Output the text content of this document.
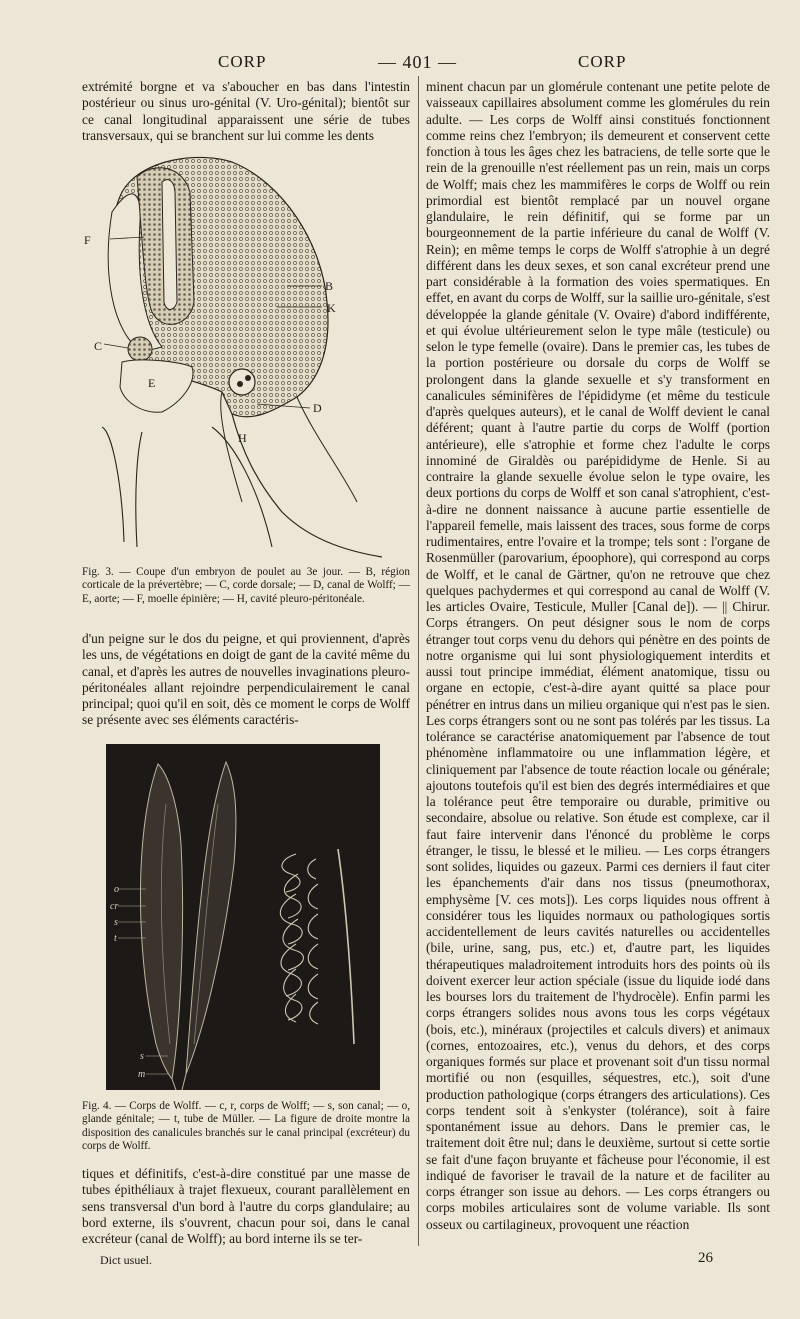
CORP	— 401 —	CORP

extrémité borgne et va s'aboucher en bas dans l'intestin postérieur ou sinus uro-génital (V. Uro-génital); bientôt sur ce canal longitudinal apparaissent une série de tubes transversaux, qui se branchent sur lui comme les dents

F
B
K
C
E
D
H
Fig. 3. — Coupe d'un embryon de poulet au 3e jour. — B, région corticale de la prévertèbre; — C, corde dorsale; — D, canal de Wolff; — E, aorte; — F, moelle épinière; — H, cavité pleuro-péritonéale.

d'un peigne sur le dos du peigne, et qui proviennent, d'après les uns, de végétations en doigt de gant de la cavité même du canal, et d'après les autres de nouvelles invaginations pleuro-péritonéales allant rejoindre perpendiculairement le canal principal; quoi qu'il en soit, dès ce moment le corps de Wolff se présente avec ses éléments caractéris-

o
cr
s
t
s
m
Fig. 4. — Corps de Wolff. — c, r, corps de Wolff; — s, son canal; — o, glande génitale; — t, tube de Müller. — La figure de droite montre la disposition des canalicules branchés sur le canal principal (excréteur) du corps de Wolff.

tiques et définitifs, c'est-à-dire constitué par une masse de tubes épithéliaux à trajet flexueux, courant parallèlement en sens transversal d'un bord à l'autre du corps glandulaire; au bord externe, ils s'ouvrent, chacun pour soi, dans le canal excréteur (canal de Wolff); au bord interne ils se ter-

minent chacun par un glomérule contenant une petite pelote de vaisseaux capillaires absolument comme les glomérules du rein adulte. — Les corps de Wolff ainsi constitués fonctionnent comme reins chez l'embryon; ils demeurent et conservent cette fonction à tous les âges chez les batraciens, de telle sorte que le rein de la grenouille n'est réellement pas un rein, mais un corps de Wolff; mais chez les mammifères le corps de Wolff ou rein primordial est bientôt remplacé par un nouvel organe glandulaire, le rein définitif, qui se forme par un bourgeonnement de la partie inférieure du canal de Wolff (V. Rein); en même temps le corps de Wolff s'atrophie à un degré différent dans les deux sexes, et son canal excréteur prend une part considérable à la formation des voies spermatiques. En effet, en avant du corps de Wolff, sur la saillie uro-génitale, s'est développée la glande génitale (V. Ovaire) d'abord indifférente, et qui évolue ultérieurement selon le type mâle (testicule) ou selon le type femelle (ovaire). Dans le premier cas, les tubes de la portion postérieure ou dorsale du corps de Wolff se prolongent dans la glande sexuelle et s'y transforment en canalicules séminifères de l'épididyme (et même du testicule d'après quelques auteurs), et le canal de Wolff devient le canal déférent; quant à l'autre partie du corps de Wolff (portion antérieure), elle s'atrophie et forme chez l'adulte le corps innominé de Giraldès ou parépididyme de Henle. Si au contraire la glande sexuelle évolue selon le type ovaire, les deux portions du corps de Wolff et son canal s'atrophient, c'est-à-dire ne donnent naissance à aucune partie essentielle de l'appareil femelle, mais laissent des traces, sous forme de corps rudimentaires, entre l'ovaire et la trompe; tels sont : l'organe de Rosenmüller (parovarium, époophore), qui correspond au corps de Wolff, et le canal de Gärtner, qu'on ne retrouve que chez quelques pachydermes et qui correspond au canal de Wolff (V. les articles Ovaire, Testicule, Muller [Canal de]). — || Chirur. Corps étrangers. On peut désigner sous le nom de corps étranger tout corps venu du dehors qui pénètre en des points de notre organisme qui lui sont physiologiquement interdits et aussi tout principe immédiat, élément anatomique, tissu ou organe en ectopie, c'est-à-dire ayant quitté sa place pour pénétrer en intrus dans un milieu organique qui n'est pas le sien. Les corps étrangers sont ou ne sont pas tolérés par les tissus. La tolérance se caractérise anatomiquement par l'absence de tout phénomène inflammatoire ou une inflammation légère, et cliniquement par l'absence de toute réaction locale ou générale; ajoutons toutefois qu'il est bien des degrés intermédiaires et que la tolérance peut être temporaire ou durable, primitive ou secondaire, absolue ou relative. Son étude est complexe, car il faut faire intervenir dans l'énoncé du problème le corps étranger, le tissu, le blessé et le milieu. — Les corps étrangers sont solides, liquides ou gazeux. Parmi ces derniers il faut citer les épanchements d'air dans nos tissus (pneumothorax, emphysème [V. ces mots]). Les corps liquides nous offrent à considérer tous les liquides normaux ou pathologiques sortis accidentellement de leurs cavités naturelles ou accidentelles (bile, urine, sang, pus, etc.) et, d'autre part, les liquides thérapeutiques maladroitement introduits hors des points où ils doivent exercer leur action spéciale (issue du liquide iodé dans les bourses lors du traitement de l'hydrocèle). Enfin parmi les corps étrangers solides nous avons tous les corps végétaux (bois, etc.), minéraux (projectiles et calculs divers) et animaux (cornes, entozoaires, etc.), venus du dehors, et des corps organiques formés sur place et provenant soit d'un tissu normal mortifié ou non (esquilles, séquestres, etc.), soit d'une production pathologique (corps étrangers des articulations). Ces corps tendent soit à s'enkyster (tolérance), soit à faire spontanément issue au dehors. Dans le premier cas, le traitement doit être nul; dans le deuxième, surtout si cette sortie se fait d'une façon bruyante et fâcheuse pour l'économie, il est indiqué de favoriser le travail de la nature et de faciliter au corps étranger son issue au dehors. — Les corps étrangers ou corps mobiles articulaires sont de volume variable. Ils sont osseux ou cartilagineux, provoquent une réaction

Dict usuel.	26
